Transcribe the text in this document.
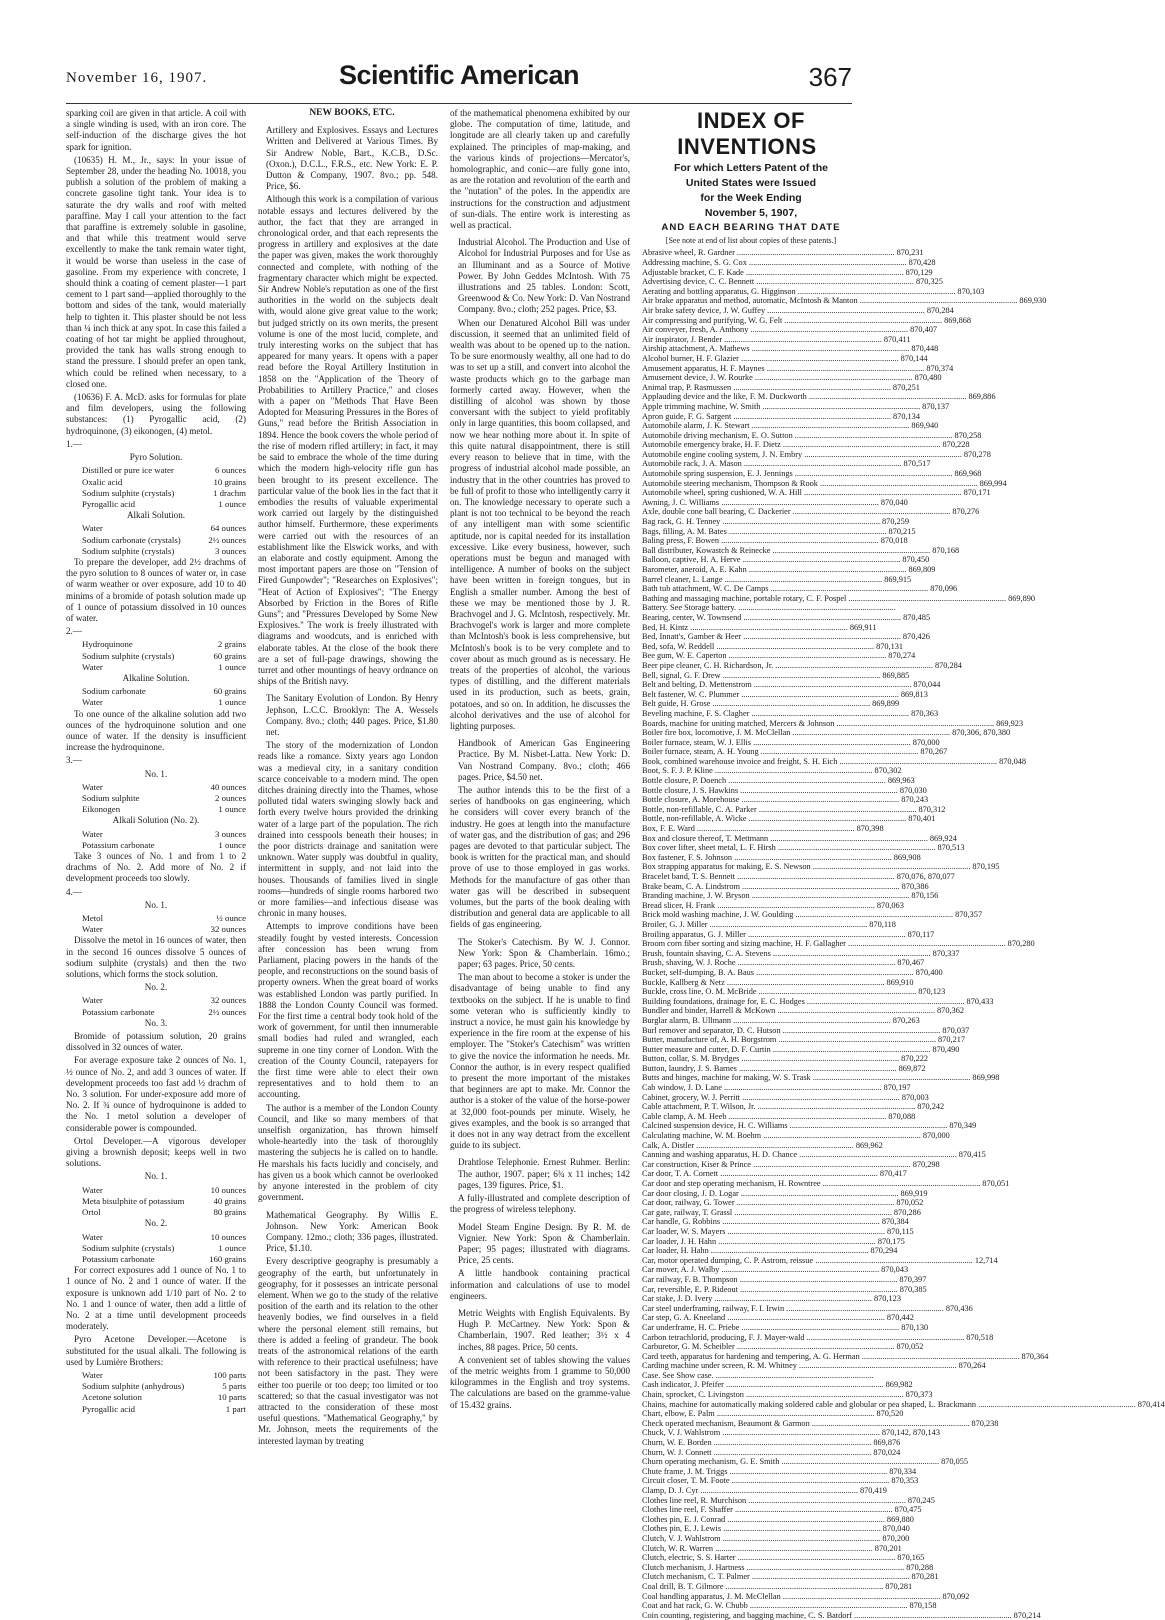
November 16, 1907.	Scientific American	367

sparking coil are given in that article. A coil with a single winding is used, with an iron core. The self-induction of the discharge gives the hot spark for ignition.

(10635) H. M., Jr., says: In your issue of September 28, under the heading No. 10018, you publish a solution of the problem of making a concrete gasoline tight tank. Your idea is to saturate the dry walls and roof with melted paraffine. May I call your attention to the fact that paraffine is extremely soluble in gasoline, and that while this treatment would serve excellently to make the tank remain water tight, it would be worse than useless in the case of gasoline. From my experience with concrete, I should think a coating of cement plaster—1 part cement to 1 part sand—applied thoroughly to the bottom and sides of the tank, would materially help to tighten it. This plaster should be not less than ¼ inch thick at any spot. In case this failed a coating of hot tar might be applied throughout, provided the tank has walls strong enough to stand the pressure. I should prefer an open tank, which could be relined when necessary, to a closed one.

(10636) F. A. McD. asks for formulas for plate and film developers, using the following substances: (1) Pyrogallic acid, (2) hydroquinone, (3) eikonogen, (4) metol.

1.—

Pyro Solution.

Distilled or pure ice water	6 ounces
Oxalic acid	10 grains
Sodium sulphite (crystals)	1 drachm
Pyrogallic acid	1 ounce

Alkali Solution.

Water	64 ounces
Sodium carbonate (crystals)	2½ ounces
Sodium sulphite (crystals)	3 ounces

To prepare the developer, add 2½ drachms of the pyro solution to 8 ounces of water or, in case of warm weather or over exposure, add 10 to 40 minims of a bromide of potash solution made up of 1 ounce of potassium dissolved in 10 ounces of water.

2.—

Hydroquinone	2 grains
Sodium sulphite (crystals)	60 grains
Water	1 ounce

Alkaline Solution.

Sodium carbonate	60 grains
Water	1 ounce

To one ounce of the alkaline solution add two ounces of the hydroquinone solution and one ounce of water. If the density is insufficient increase the hydroquinone.

3.—

No. 1.

Water	40 ounces
Sodium sulphite	2 ounces
Eikonogen	1 ounce

Alkali Solution (No. 2).

Water	3 ounces
Potassium carbonate	1 ounce

Take 3 ounces of No. 1 and from 1 to 2 drachms of No. 2. Add more of No. 2 if development proceeds too slowly.

4.—

No. 1.

Metol	½ ounce
Water	32 ounces

Dissolve the metol in 16 ounces of water, then in the second 16 ounces dissolve 5 ounces of sodium sulphite (crystals) and then the two solutions, which forms the stock solution.

No. 2.

Water	32 ounces
Potassium carbonate	2½ ounces

No. 3.

Bromide of potassium solution, 20 grains dissolved in 32 ounces of water.

For average exposure take 2 ounces of No. 1, ½ ounce of No. 2, and add 3 ounces of water. If development proceeds too fast add ½ drachm of No. 3 solution. For under-exposure add more of No. 2. If ¾ ounce of hydroquinone is added to the No. 1 metol solution a developer of considerable power is compounded.

Ortol Developer.—A vigorous developer giving a brownish deposit; keeps well in two solutions.

No. 1.

Water	10 ounces
Meta bisulphite of potassium	40 grains
Ortol	80 grains

No. 2.

Water	10 ounces
Sodium sulphite (crystals)	1 ounce
Potassium carbonate	160 grains

For correct exposures add 1 ounce of No. 1 to 1 ounce of No. 2 and 1 ounce of water. If the exposure is unknown add 1/10 part of No. 2 to No. 1 and 1 ounce of water, then add a little of No. 2 at a time until development proceeds moderately.

Pyro Acetone Developer.—Acetone is substituted for the usual alkali. The following is used by Lumière Brothers:

Water	100 parts
Sodium sulphite (anhydrous)	5 parts
Acetone solution	10 parts
Pyrogallic acid	1 part

NEW BOOKS, ETC.

Artillery and Explosives. Essays and Lectures Written and Delivered at Various Times. By Sir Andrew Noble, Bart., K.C.B., D.Sc. (Oxon.), D.C.L., F.R.S., etc. New York: E. P. Dutton & Company, 1907. 8vo.; pp. 548. Price, $6.

Although this work is a compilation of various notable essays and lectures delivered by the author, the fact that they are arranged in chronological order, and that each represents the progress in artillery and explosives at the date the paper was given, makes the work thoroughly connected and complete, with nothing of the fragmentary character which might be expected. Sir Andrew Noble's reputation as one of the first authorities in the world on the subjects dealt with, would alone give great value to the work; but judged strictly on its own merits, the present volume is one of the most lucid, complete, and truly interesting works on the subject that has appeared for many years. It opens with a paper read before the Royal Artillery Institution in 1858 on the "Application of the Theory of Probabilities to Artillery Practice," and closes with a paper on "Methods That Have Been Adopted for Measuring Pressures in the Bores of Guns," read before the British Association in 1894. Hence the book covers the whole period of the rise of modern rifled artillery; in fact, it may be said to embrace the whole of the time during which the modern high-velocity rifle gun has been brought to its present excellence. The particular value of the book lies in the fact that it embodies the results of valuable experimental work carried out largely by the distinguished author himself. Furthermore, these experiments were carried out with the resources of an establishment like the Elswick works, and with an elaborate and costly equipment. Among the most important papers are those on "Tension of Fired Gunpowder"; "Researches on Explosives"; "Heat of Action of Explosives"; "The Energy Absorbed by Friction in the Bores of Rifle Guns"; and "Pressures Developed by Some New Explosives." The work is freely illustrated with diagrams and woodcuts, and is enriched with elaborate tables. At the close of the book there are a set of full-page drawings, showing the turret and other mountings of heavy ordnance on ships of the British navy.

The Sanitary Evolution of London. By Henry Jephson, L.C.C. Brooklyn: The A. Wessels Company. 8vo.; cloth; 440 pages. Price, $1.80 net.

The story of the modernization of London reads like a romance. Sixty years ago London was a medieval city, in a sanitary condition scarce conceivable to a modern mind. The open ditches draining directly into the Thames, whose polluted tidal waters swinging slowly back and forth every twelve hours provided the drinking water of a large part of the population. The rich drained into cesspools beneath their houses; in the poor districts drainage and sanitation were unknown. Water supply was doubtful in quality, intermittent in supply, and not laid into the houses. Thousands of families lived in single rooms—hundreds of single rooms harbored two or more families—and infectious disease was chronic in many houses.

Attempts to improve conditions have been steadily fought by vested interests. Concession after concession has been wrung from Parliament, placing powers in the hands of the people, and reconstructions on the sound basis of property owners. When the great board of works was established London was partly purified. In 1888 the London County Council was formed. For the first time a central body took hold of the work of government, for until then innumerable small bodies had ruled and wrangled, each supreme in one tiny corner of London. With the creation of the County Council, ratepayers for the first time were able to elect their own representatives and to hold them to an accounting.

The author is a member of the London County Council, and like so many members of that unselfish organization, has thrown himself whole-heartedly into the task of thoroughly mastering the subjects he is called on to handle. He marshals his facts lucidly and concisely, and has given us a book which cannot be overlooked by anyone interested in the problem of city government.

Mathematical Geography. By Willis E. Johnson. New York: American Book Company. 12mo.; cloth; 336 pages, illustrated. Price, $1.10.

Every descriptive geography is presumably a geography of the earth, but unfortunately in geography, for it possesses an intricate personal element. When we go to the study of the relative position of the earth and its relation to the other heavenly bodies, we find ourselves in a field where the personal element still remains, but there is added a feeling of grandeur. The book treats of the astronomical relations of the earth with reference to their practical usefulness; have not been satisfactory in the past. They were either too puerile or too deep; too limited or too scattered; so that the casual investigator was not attracted to the consideration of these most useful questions. "Mathematical Geography," by Mr. Johnson, meets the requirements of the interested layman by treating

of the mathematical phenomena exhibited by our globe. The computation of time, latitude, and longitude are all clearly taken up and carefully explained. The principles of map-making, and the various kinds of projections—Mercator's, homolographic, and conic—are fully gone into, as are the rotation and revolution of the earth and the "nutation" of the poles. In the appendix are instructions for the construction and adjustment of sun-dials. The entire work is interesting as well as practical.

Industrial Alcohol. The Production and Use of Alcohol for Industrial Purposes and for Use as an Illuminant and as a Source of Motive Power. By John Geddes McIntosh. With 75 illustrations and 25 tables. London: Scott, Greenwood & Co. New York: D. Van Nostrand Company. 8vo.; cloth; 252 pages. Price, $3.

When our Denatured Alcohol Bill was under discussion, it seemed that an unlimited field of wealth was about to be opened up to the nation. To be sure enormously wealthy, all one had to do was to set up a still, and convert into alcohol the waste products which go to the garbage man formerly carted away. However, when the distilling of alcohol was shown by those conversant with the subject to yield profitably only in large quantities, this boom collapsed, and now we hear nothing more about it. In spite of this quite natural disappointment, there is still every reason to believe that in time, with the progress of industrial alcohol made possible, an industry that in the other countries has proved to be full of profit to those who intelligently carry it on. The knowledge necessary to operate such a plant is not too technical to be beyond the reach of any intelligent man with some scientific aptitude, nor is capital needed for its installation excessive. Like every business, however, such operations must be begun and managed with intelligence. A number of books on the subject have been written in foreign tongues, but in English a smaller number. Among the best of these we may be mentioned those by J. R. Brachvogel and J. G. McIntosh, respectively. Mr. Brachvogel's work is larger and more complete than McIntosh's book is less comprehensive, but McIntosh's book is to be very complete and to cover about as much ground as is necessary. He treats of the properties of alcohol, the various types of distilling, and the different materials used in its production, such as beets, grain, potatoes, and so on. In addition, he discusses the alcohol derivatives and the use of alcohol for lighting purposes.

Handbook of American Gas Engineering Practice. By M. Nisbet-Latta. New York: D. Van Nostrand Company. 8vo.; cloth; 466 pages. Price, $4.50 net.

The author intends this to be the first of a series of handbooks on gas engineering, which he considers will cover every branch of the industry. He goes at length into the manufacture of water gas, and the distribution of gas; and 296 pages are devoted to that particular subject. The book is written for the practical man, and should prove of use to those employed in gas works. Methods for the manufacture of gas other than water gas will be described in subsequent volumes, but the parts of the book dealing with distribution and general data are applicable to all fields of gas engineering.

The Stoker's Catechism. By W. J. Connor. New York: Spon & Chamberlain. 16mo.; paper; 63 pages. Price, 50 cents.

The man about to become a stoker is under the disadvantage of being unable to find any textbooks on the subject. If he is unable to find some veteran who is sufficiently kindly to instruct a novice, he must gain his knowledge by experience in the fire room at the expense of his employer. The "Stoker's Catechism" was written to give the novice the information he needs. Mr. Connor the author, is in every respect qualified to present the more important of the mistakes that beginners are apt to make. Mr. Connor the author is a stoker of the value of the horse-power at 32,000 foot-pounds per minute. Wisely, he gives examples, and the book is so arranged that it does not in any way detract from the excellent guide to its subject.

Drahtlose Telephonie. Ernest Ruhmer. Berlin: The author, 1907. paper; 6¾ x 11 inches; 142 pages, 139 figures. Price, $1.

A fully-illustrated and complete description of the progress of wireless telephony.

Model Steam Engine Design. By R. M. de Vignier. New York: Spon & Chamberlain. Paper; 95 pages; illustrated with diagrams. Price, 25 cents.

A little handbook containing practical information and calculations of use to model engineers.

Metric Weights with English Equivalents. By Hugh P. McCartney. New York: Spon & Chamberlain, 1907. Red leather; 3½ x 4 inches, 88 pages. Price, 50 cents.

A convenient set of tables showing the values of the metric weights from 1 gramme to 50,000 kilogrammes in the English and troy systems. The calculations are based on the gramme-value of 15.432 grains.

INDEX OF INVENTIONS

For which Letters Patent of the

United States were Issued

for the Week Ending

November 5, 1907,

AND EACH BEARING THAT DATE

[See note at end of list about copies of these patents.]

Abrasive wheel, R. Gardner .....	870,231
Addressing machine, S. G. Cox .....	870,428
Adjustable bracket, C. F. Kade .....	870,129
Advertising device, C. C. Bennett .....	870,325
Aerating and bottling apparatus, G. Higginson .....	870,103
Air brake apparatus and method, automatic, McIntosh & Manton .....	869,930
Air brake safety device, J. W. Guffey .....	870,284
Air compressing and purifying, W. G. Felt .....	869,868
Air conveyer, fresh, A. Anthony .....	870,407
Air inspirator, J. Bender .....	870,411
Airship attachment, A. Mathews .....	870,448
Alcohol burner, H. F. Glazier .....	870,144
Amusement apparatus, H. F. Maynes .....	870,374
Amusement device, J. W. Rourke .....	870,480
Animal trap, P. Rasmussen .....	870,251
Applauding device and the like, F. M. Duckworth .....	869,886
Apple trimming machine, W. Smith .....	870,137
Apron guide, F. G. Sargent .....	870,134
Automobile alarm, J. K. Stewart .....	869,940
Automobile driving mechanism, E. O. Sutton .....	870,258
Automobile emergency brake, H. F. Dietz .....	870,228
Automobile engine cooling system, J. N. Embry .....	870,278
Automobile rack, J. A. Mason .....	870,517
Automobile spring suspension, E. J. Jennings .....	869,968
Automobile steering mechanism, Thompson & Rook .....	869,994
Automobile wheel, spring cushioned, W. A. Hill .....	870,171
Awning, J. C. Williams .....	870,040
Axle, double cone ball bearing, C. Dackerier .....	870,276
Bag rack, G. H. Tenney .....	870,259
Bags, filling, A. M. Bates .....	870,215
Baling press, F. Bowen .....	870,018
Ball distributer, Kowastch & Reinecke .....	870,168
Balloon, captive, H. A. Herve .....	870,450
Barometer, aneroid, A. E. Kahn .....	869,809
Barrel cleaner, L. Lange .....	869,915
Bath tub attachment, W. C. De Camps .....	870,096
Bathing and massaging machine, portable rotary, C. F. Pospel .....	869,890
Battery. See Storage battery. .....
Bearing, center, W. Townsend .....	870,485
Bed, H. Kintz .....	869,911
Bed, Innatt's, Gamber & Heer .....	870,426
Bed, sofa, W. Reddell .....	870,131
Bee gum, W. E. Caperton .....	870,274
Beer pipe cleaner, C. H. Richardson, Jr. .....	870,284
Bell, signal, G. F. Drew .....	869,885
Belt and belting, D. Mettenstrom .....	870,044
Belt fastener, W. C. Plummer .....	869,813
Belt guide, H. Grose .....	869,899
Beveling machine, F. S. Clagher .....	870,363
Boards, machine for uniting matched, Mercers & Johnson .....	869,923
Boiler fire box, locomotive, J. M. McClellan .....	870,306, 870,380
Boiler furnace, steam, W. J. Ellis .....	870,000
Boiler furnace, steam, A. H. Young .....	870,267
Book, combined warehouse invoice and freight, S. H. Eich .....	870,048
Boot, S. F. J. P. Kline .....	870,302
Bottle closure, P. Doench .....	869,963
Bottle closure, J. S. Hawkins .....	870,030
Bottle closure, A. Morehouse .....	870,243
Bottle, non-refillable, C. A. Parker .....	870,312
Bottle, non-refillable, A. Wicke .....	870,401
Box, F. E. Ward .....	870,398
Box and closure thereof, T. Mettmann .....	869,924
Box cover lifter, sheet metal, L. F. Hirsh .....	870,513
Box fastener, F. S. Johnson .....	869,908
Box strapping apparatus for making, E. S. Newson .....	870,195
Bracelet band, T. S. Bennett .....	870,076, 870,077
Brake beam, C. A. Lindstrom .....	870,386
Branding machine, J. W. Bryson .....	870,156
Bread slicer, H. Frank .....	870,063
Brick mold washing machine, J. W. Goulding .....	870,357
Broiler, G. J. Miller .....	870,118
Broiling apparatus, G. J. Miller .....	870,117
Broom corn fiber sorting and sizing machine, H. F. Gallagher .....	870,280
Brush, fountain shaving, C. A. Stevens .....	870,337
Brush, shaving, W. J. Roche .....	870,467
Bucket, self-dumping, B. A. Baus .....	870,400
Buckle, Kallberg & Netz .....	869,910
Buckle, cross line, O. M. McBride .....	870,123
Building foundations, drainage for, E. C. Hodges .....	870,433
Bundler and binder, Harrell & McKown .....	870,362
Burglar alarm, B. Ullmann .....	870,263
Burl remover and separator, D. C. Hutson .....	870,037
Butter, manufacture of, A. H. Borgstrom .....	870,217
Butter measure and cutter, D. F. Curtin .....	870,490
Button, collar, S. M. Brydges .....	870,222
Button, laundry, J. S. Barnes .....	869,872
Butts and hinges, machine for making, W. S. Trask .....	869,998
Cab window, J. D. Lane .....	870,197
Cabinet, grocery, W. J. Perritt .....	870,003
Cable attachment, P. T. Wilson, Jr. .....	870,242
Cable clamp, A. M. Heeb .....	870,088
Calcined suspension device, H. C. Williams .....	870,349
Calculating machine, W. M. Boehm .....	870,000
Calk, A. Distler .....	869,962
Canning and washing apparatus, H. D. Chance .....	870,415
Car construction, Kiser & Prince .....	870,298
Car door, T. A. Cornett .....	870,417
Car door and step operating mechanism, H. Rowntree .....	870,051
Car door closing, J. D. Logar .....	869,919
Car door, railway, G. Tower .....	870,052
Car gate, railway, T. Grassl .....	870,286
Car handle, G. Robbins .....	870,384
Car loader, W. S. Mayers .....	870,115
Car loader, J. H. Hahn .....	870,175
Car loader, H. Hahn .....	870,294
Car, motor operated dumping, C. P. Astrom, reissue .....	12,714
Car mover, A. J. Walby .....	870,043
Car railway, F. B. Thompson .....	870,397
Car, reversible, E. P. Rideout .....	870,385
Car stake, J. D. Ivery .....	870,123
Car steel underframing, railway, F. I. Irwin .....	870,436
Car step, G. A. Kneeland .....	870,442
Car underframe, H. C. Priebe .....	870,130
Carbon tetrachlorid, producing, F. J. Mayer-wald .....	870,518
Carburetor, G. M. Scheibler .....	870,052
Card teeth, apparatus for hardening and tempering, A. G. Herman .....	870,364
Carding machine under screen, R. M. Whitney .....	870,264
Case. See Show case. .....
Cash indicator, J. Pfeifer .....	869,982
Chain, sprocket, C. Livingston .....	870,373
Chains, machine for automatically making soldered cable and globular or pea shaped, L. Brackmann .....	870,414
Chart, elbow, E. Palm .....	870,520
Check operated mechanism, Beaumont & Garmon .....	870,238
Chuck, V. J. Wahlstrom .....	870,142, 870,143
Churn, W. E. Borden .....	869,876
Churn, W. J. Connett .....	870,024
Churn operating mechanism, G. E. Smith .....	870,055
Chute frame, J. M. Triggs .....	870,334
Circuit closer, T. M. Foote .....	870,353
Clamp, D. J. Cyr .....	870,419
Clothes line reel, R. Murchison .....	870,245
Clothes line reel, F. Shaffer .....	870,475
Clothes pin, E. J. Conrad .....	869,880
Clothes pin, E. J. Lewis .....	870,040
Clutch, V. J. Wahlstrom .....	870,200
Clutch, W. R. Warren .....	870,201
Clutch, electric, S. S. Harter .....	870,165
Clutch mechanism, J. Hartness .....	870,288
Clutch mechanism, C. T. Palmer .....	870,281
Coal drill, B. T. Gilmore .....	870,281
Coal handling apparatus, J. M. McClellan .....	870,092
Coat and hat rack, G. W. Chubb .....	870,158
Coin counting, registering, and bagging machine, C. S. Batdorf .....	870,214
